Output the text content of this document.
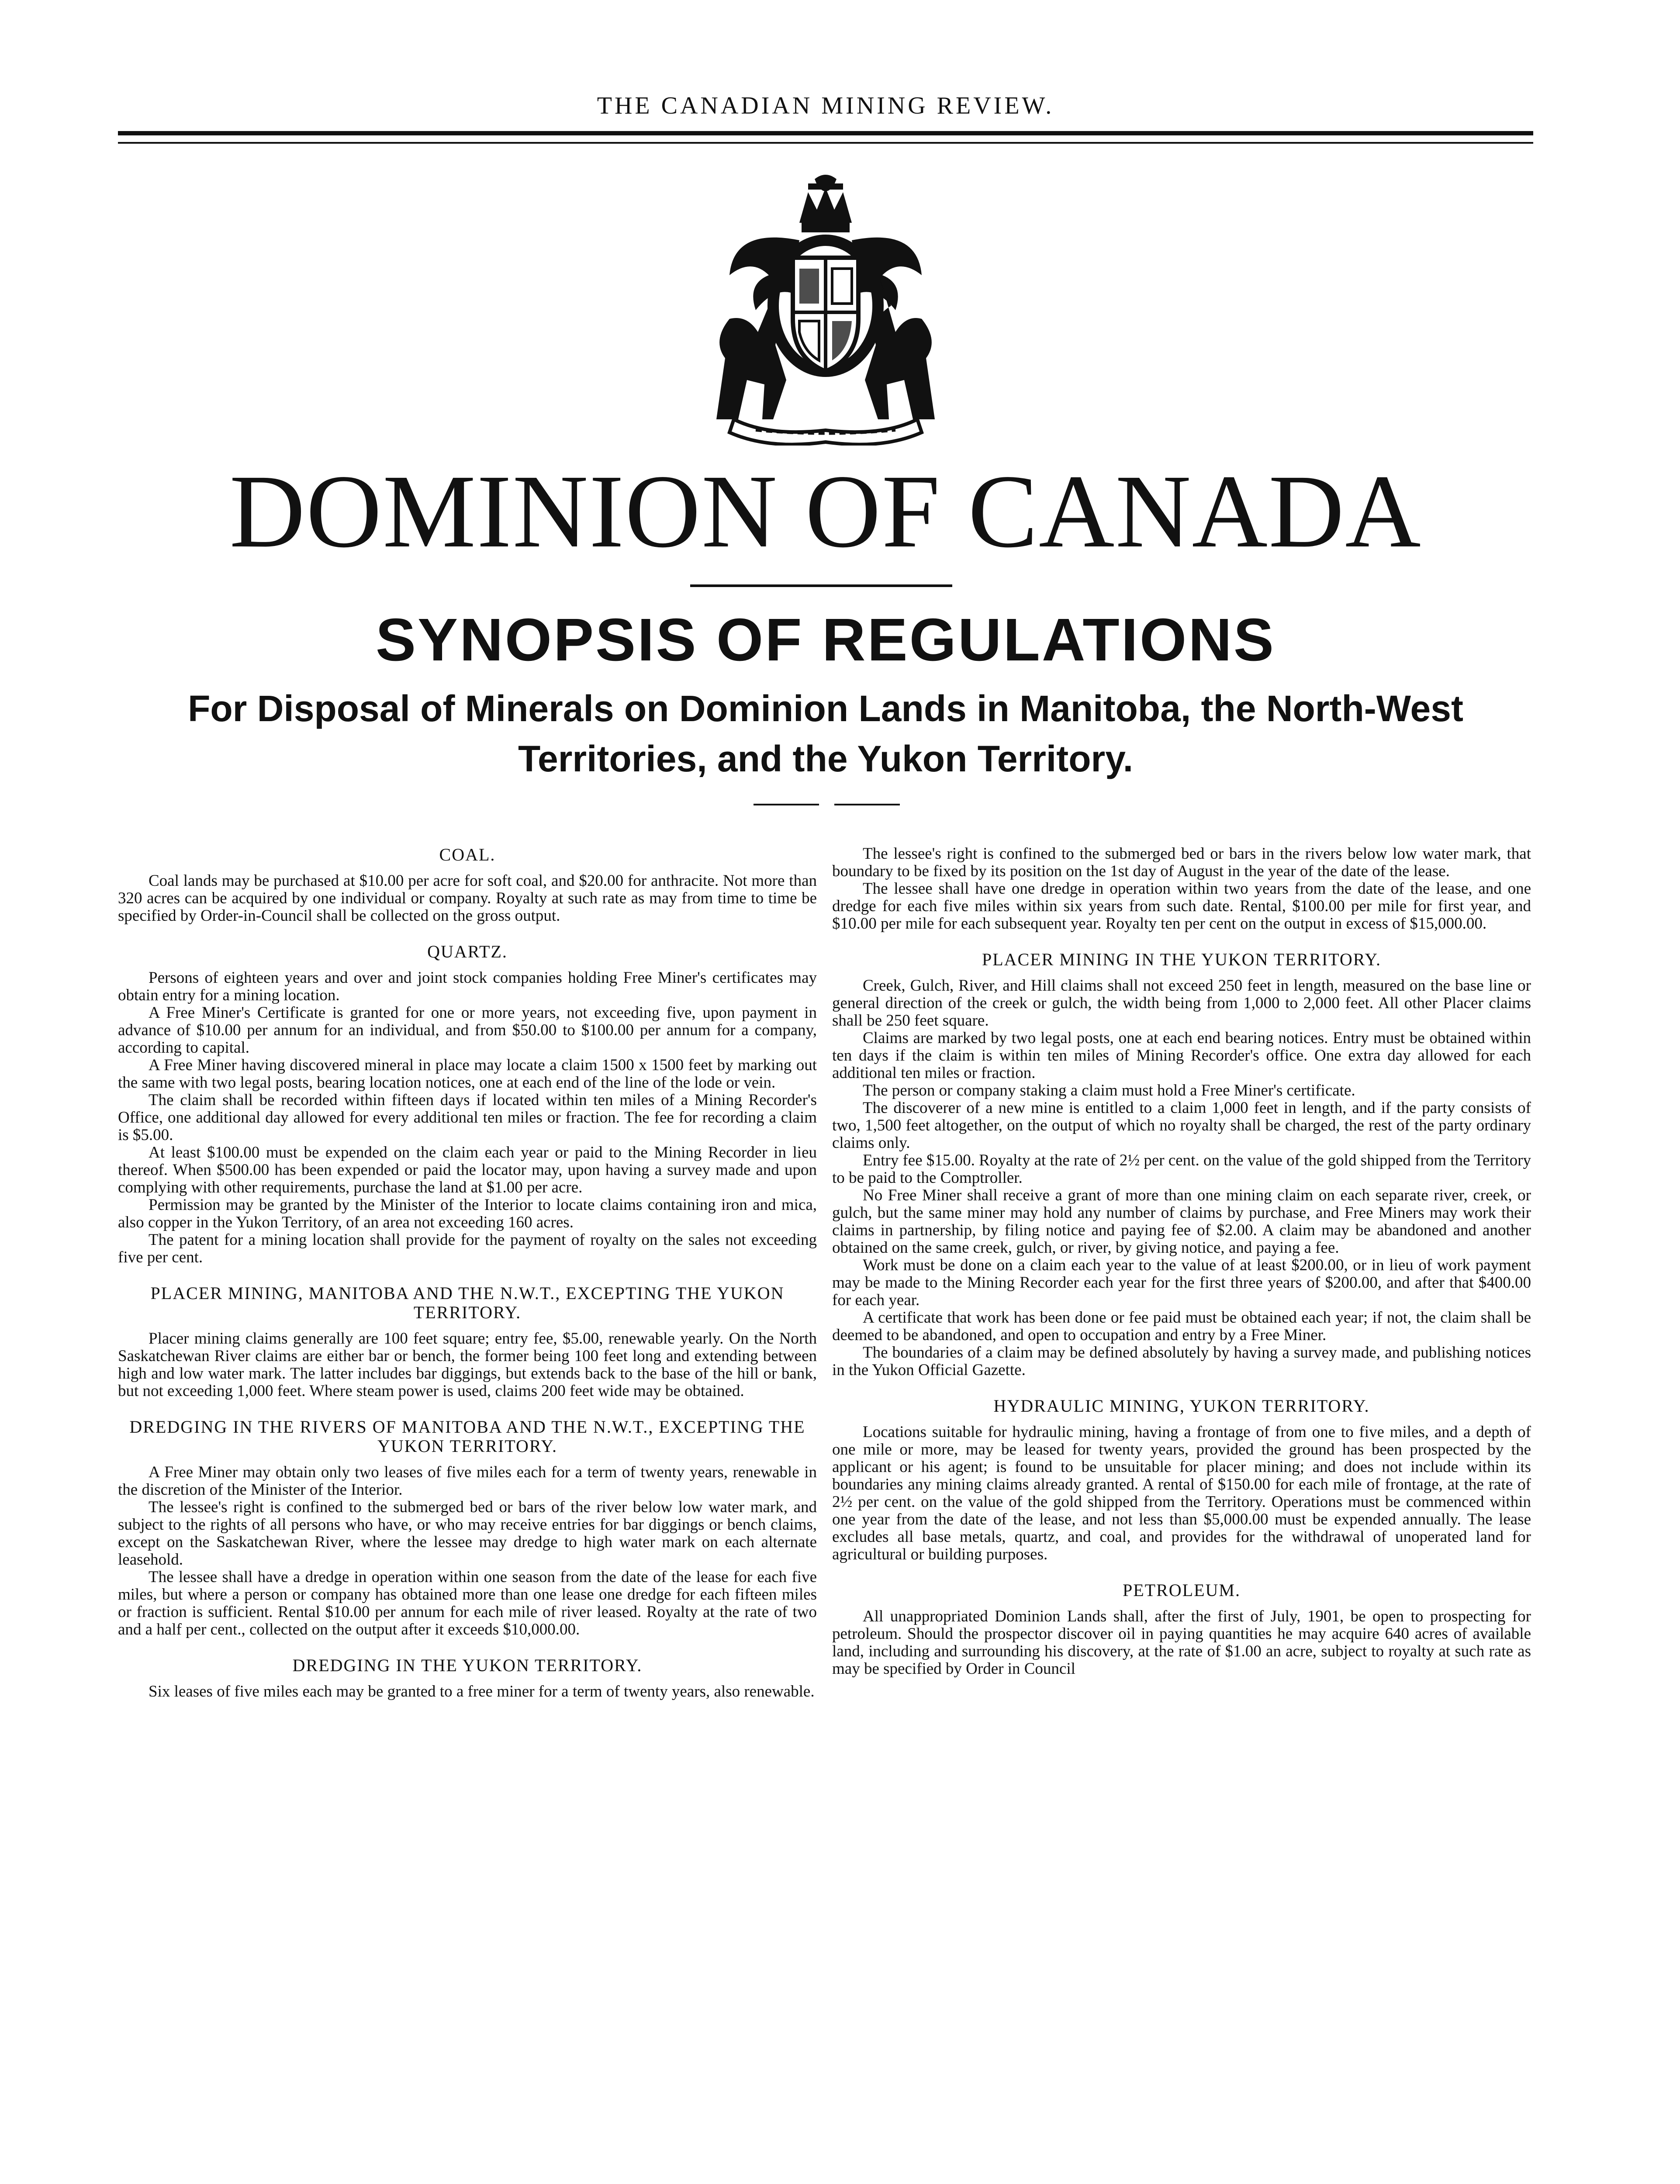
THE CANADIAN MINING REVIEW.
DOMINION OF CANADA
SYNOPSIS OF REGULATIONS
For Disposal of Minerals on Dominion Lands in Manitoba, the North-West Territories, and the Yukon Territory.
COAL.

Coal lands may be purchased at $10.00 per acre for soft coal, and $20.00 for anthracite. Not more than 320 acres can be acquired by one individual or company. Royalty at such rate as may from time to time be specified by Order-in-Council shall be collected on the gross output.

QUARTZ.

Persons of eighteen years and over and joint stock companies holding Free Miner's certificates may obtain entry for a mining location.

A Free Miner's Certificate is granted for one or more years, not exceeding five, upon payment in advance of $10.00 per annum for an individual, and from $50.00 to $100.00 per annum for a company, according to capital.

A Free Miner having discovered mineral in place may locate a claim 1500 x 1500 feet by marking out the same with two legal posts, bearing location notices, one at each end of the line of the lode or vein.

The claim shall be recorded within fifteen days if located within ten miles of a Mining Recorder's Office, one additional day allowed for every additional ten miles or fraction. The fee for recording a claim is $5.00.

At least $100.00 must be expended on the claim each year or paid to the Mining Recorder in lieu thereof. When $500.00 has been expended or paid the locator may, upon having a survey made and upon complying with other requirements, purchase the land at $1.00 per acre.

Permission may be granted by the Minister of the Interior to locate claims containing iron and mica, also copper in the Yukon Territory, of an area not exceeding 160 acres.

The patent for a mining location shall provide for the payment of royalty on the sales not exceeding five per cent.

PLACER MINING, MANITOBA AND THE N.W.T., EXCEPTING THE YUKON TERRITORY.

Placer mining claims generally are 100 feet square; entry fee, $5.00, renewable yearly. On the North Saskatchewan River claims are either bar or bench, the former being 100 feet long and extending between high and low water mark. The latter includes bar diggings, but extends back to the base of the hill or bank, but not exceeding 1,000 feet. Where steam power is used, claims 200 feet wide may be obtained.

DREDGING IN THE RIVERS OF MANITOBA AND THE N.W.T., EXCEPTING THE YUKON TERRITORY.

A Free Miner may obtain only two leases of five miles each for a term of twenty years, renewable in the discretion of the Minister of the Interior.

The lessee's right is confined to the submerged bed or bars of the river below low water mark, and subject to the rights of all persons who have, or who may receive entries for bar diggings or bench claims, except on the Saskatchewan River, where the lessee may dredge to high water mark on each alternate leasehold.

The lessee shall have a dredge in operation within one season from the date of the lease for each five miles, but where a person or company has obtained more than one lease one dredge for each fifteen miles or fraction is sufficient. Rental $10.00 per annum for each mile of river leased. Royalty at the rate of two and a half per cent., collected on the output after it exceeds $10,000.00.

DREDGING IN THE YUKON TERRITORY.

Six leases of five miles each may be granted to a free miner for a term of twenty years, also renewable.

The lessee's right is confined to the submerged bed or bars in the rivers below low water mark, that boundary to be fixed by its position on the 1st day of August in the year of the date of the lease.

The lessee shall have one dredge in operation within two years from the date of the lease, and one dredge for each five miles within six years from such date. Rental, $100.00 per mile for first year, and $10.00 per mile for each subsequent year. Royalty ten per cent on the output in excess of $15,000.00.

PLACER MINING IN THE YUKON TERRITORY.

Creek, Gulch, River, and Hill claims shall not exceed 250 feet in length, measured on the base line or general direction of the creek or gulch, the width being from 1,000 to 2,000 feet. All other Placer claims shall be 250 feet square.

Claims are marked by two legal posts, one at each end bearing notices. Entry must be obtained within ten days if the claim is within ten miles of Mining Recorder's office. One extra day allowed for each additional ten miles or fraction.

The person or company staking a claim must hold a Free Miner's certificate.

The discoverer of a new mine is entitled to a claim 1,000 feet in length, and if the party consists of two, 1,500 feet altogether, on the output of which no royalty shall be charged, the rest of the party ordinary claims only.

Entry fee $15.00. Royalty at the rate of 2½ per cent. on the value of the gold shipped from the Territory to be paid to the Comptroller.

No Free Miner shall receive a grant of more than one mining claim on each separate river, creek, or gulch, but the same miner may hold any number of claims by purchase, and Free Miners may work their claims in partnership, by filing notice and paying fee of $2.00. A claim may be abandoned and another obtained on the same creek, gulch, or river, by giving notice, and paying a fee.

Work must be done on a claim each year to the value of at least $200.00, or in lieu of work payment may be made to the Mining Recorder each year for the first three years of $200.00, and after that $400.00 for each year.

A certificate that work has been done or fee paid must be obtained each year; if not, the claim shall be deemed to be abandoned, and open to occupation and entry by a Free Miner.

The boundaries of a claim may be defined absolutely by having a survey made, and publishing notices in the Yukon Official Gazette.

HYDRAULIC MINING, YUKON TERRITORY.

Locations suitable for hydraulic mining, having a frontage of from one to five miles, and a depth of one mile or more, may be leased for twenty years, provided the ground has been prospected by the applicant or his agent; is found to be unsuitable for placer mining; and does not include within its boundaries any mining claims already granted. A rental of $150.00 for each mile of frontage, at the rate of 2½ per cent. on the value of the gold shipped from the Territory. Operations must be commenced within one year from the date of the lease, and not less than $5,000.00 must be expended annually. The lease excludes all base metals, quartz, and coal, and provides for the withdrawal of unoperated land for agricultural or building purposes.

PETROLEUM.

All unappropriated Dominion Lands shall, after the first of July, 1901, be open to prospecting for petroleum. Should the prospector discover oil in paying quantities he may acquire 640 acres of available land, including and surrounding his discovery, at the rate of $1.00 an acre, subject to royalty at such rate as may be specified by Order in Council
